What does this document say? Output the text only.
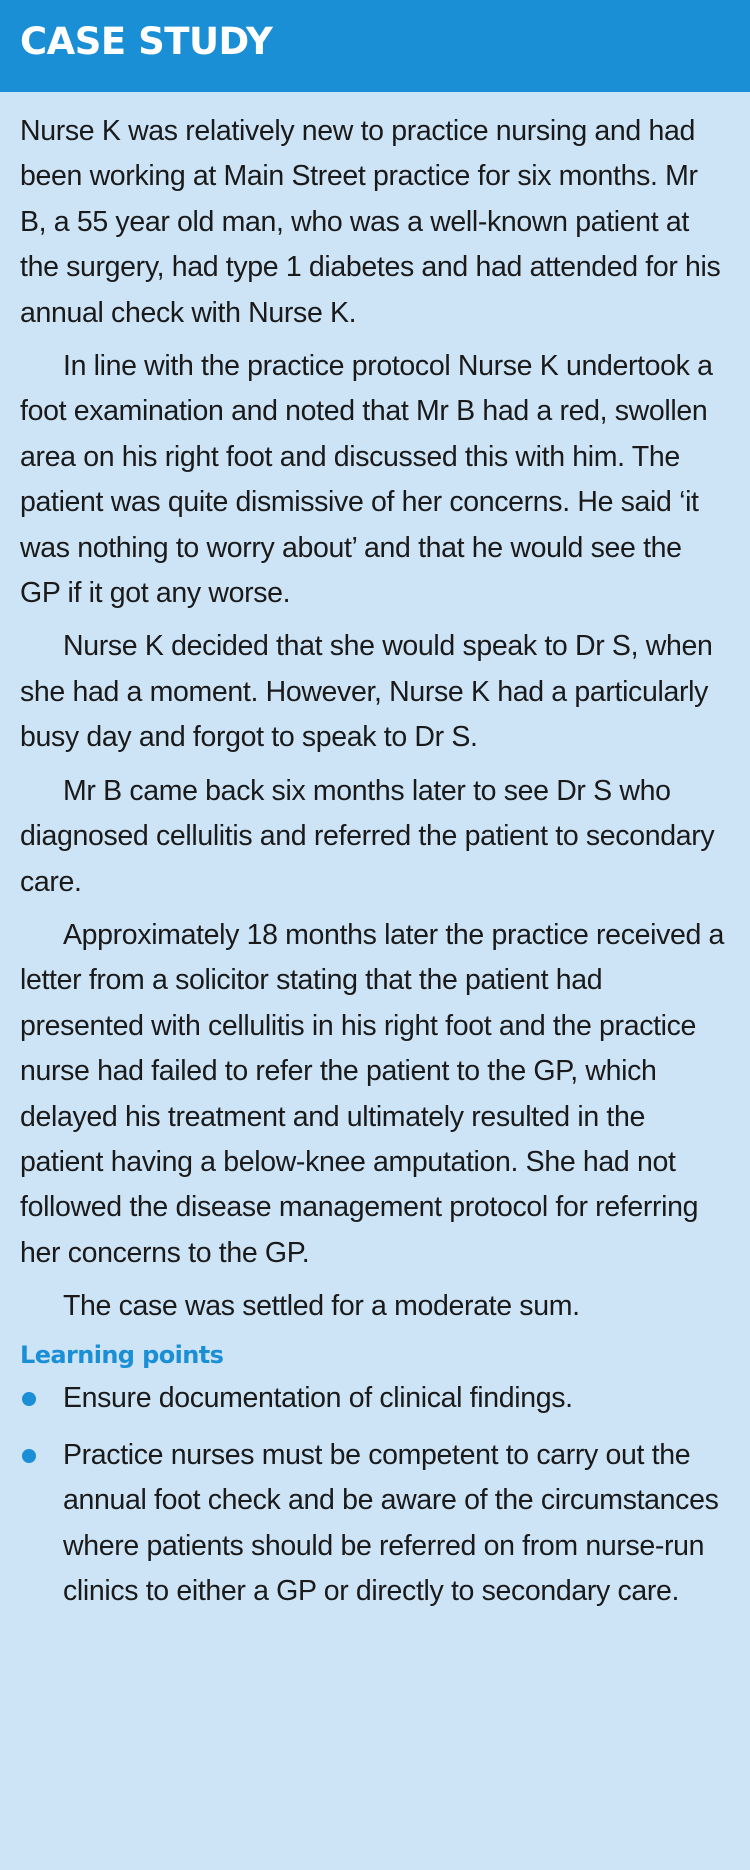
CASE STUDY

Nurse K was relatively new to practice nursing and had been working at Main Street practice for six months. Mr B, a 55 year old man, who was a well-known patient at the surgery, had type 1 diabetes and had attended for his annual check with Nurse K.

In line with the practice protocol Nurse K undertook a foot examination and noted that Mr B had a red, swollen area on his right foot and discussed this with him. The patient was quite dismissive of her concerns. He said ‘it was nothing to worry about’ and that he would see the GP if it got any worse.

Nurse K decided that she would speak to Dr S, when she had a moment. However, Nurse K had a particularly busy day and forgot to speak to Dr S.

Mr B came back six months later to see Dr S who diagnosed cellulitis and referred the patient to secondary care.

Approximately 18 months later the practice received a letter from a solicitor stating that the patient had presented with cellulitis in his right foot and the practice nurse had failed to refer the patient to the GP, which delayed his treatment and ultimately resulted in the patient having a below-knee amputation. She had not followed the disease management protocol for referring her concerns to the GP.

The case was settled for a moderate sum.

Learning points
Ensure documentation of clinical findings.
Practice nurses must be competent to carry out the annual foot check and be aware of the circumstances where patients should be referred on from nurse-run clinics to either a GP or directly to secondary care.
